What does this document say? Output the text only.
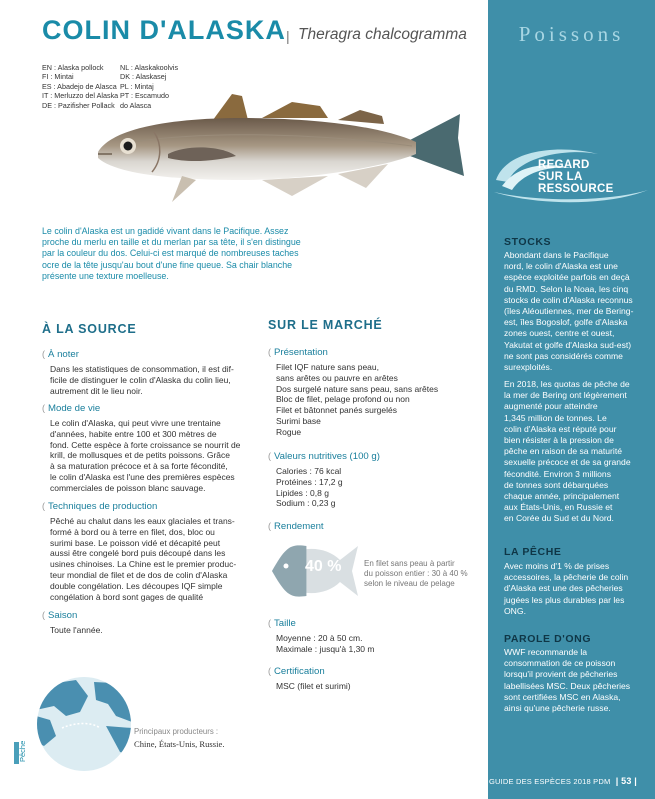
Poissons
REGARD
SUR LA RESSOURCE
STOCKS
Abondant dans le Pacifique
nord, le colin d'Alaska est une
espèce exploitée parfois en deçà
du RMD. Selon la Noaa, les cinq
stocks de colin d'Alaska reconnus
(îles Aléoutiennes, mer de Bering-
est, îles Bogoslof, golfe d'Alaska
zones ouest, centre et ouest,
Yakutat et golfe d'Alaska sud-est)
ne sont pas considérés comme
surexploités.
En 2018, les quotas de pêche de
la mer de Bering ont légèrement
augmenté pour atteindre
1,345 million de tonnes. Le
colin d'Alaska est réputé pour
bien résister à la pression de
pêche en raison de sa maturité
sexuelle précoce et de sa grande
fécondité. Environ 3 millions
de tonnes sont débarquées
chaque année, principalement
aux États-Unis, en Russie et
en Corée du Sud et du Nord.
LA PÊCHE
Avec moins d'1 % de prises
accessoires, la pêcherie de colin
d'Alaska est une des pêcheries
jugées les plus durables par les
ONG.
PAROLE D'ONG
WWF recommande la
consommation de ce poisson
lorsqu'il provient de pêcheries
labellisées MSC. Deux pêcheries
sont certifiées MSC en Alaska,
ainsi qu'une pêcherie russe.
GUIDE DES ESPÈCES 2018 PDM | 53 |
COLIN D'ALASKA | Theragra chalcogramma
EN : Alaska pollock
FI : Mintai
ES : Abadejo de Alasca
IT : Merluzzo del Alaska
DE : Pazifisher Pollack
NL : Alaskakoolvis
DK : Alaskasej
PL : Mintaj
PT : Escamudo
do Alasca
Le colin d'Alaska est un gadidé vivant dans le Pacifique. Assez
proche du merlu en taille et du merlan par sa tête, il s'en distingue
par la couleur du dos. Celui-ci est marqué de nombreuses taches
ocre de la tête jusqu'au bout d'une fine queue. Sa chair blanche
présente une texture moelleuse.
À LA SOURCE
( À noter
Dans les statistiques de consommation, il est dif-
ficile de distinguer le colin d'Alaska du colin lieu,
autrement dit le lieu noir.
( Mode de vie
Le colin d'Alaska, qui peut vivre une trentaine
d'années, habite entre 100 et 300 mètres de
fond. Cette espèce à forte croissance se nourrit de
krill, de mollusques et de petits poissons. Grâce
à sa maturation précoce et à sa forte fécondité,
le colin d'Alaska est l'une des premières espèces
commerciales de poisson blanc sauvage.
( Techniques de production
Pêché au chalut dans les eaux glaciales et trans-
formé à bord ou à terre en filet, dos, bloc ou
surimi base. Le poisson vidé et décapité peut
aussi être congelé bord puis découpé dans les
usines chinoises. La Chine est le premier produc-
teur mondial de filet et de dos de colin d'Alaska
double congélation. Les découpes IQF simple
congélation à bord sont gages de qualité
( Saison
Toute l'année.
Principaux producteurs :
Chine, États-Unis, Russie.
Pêche
SUR LE MARCHÉ
( Présentation
Filet IQF nature sans peau,
sans arêtes ou pauvre en arêtes
Dos surgelé nature sans peau, sans arêtes
Bloc de filet, pelage profond ou non
Filet et bâtonnet panés surgelés
Surimi base
Rogue
( Valeurs nutritives (100 g)
Calories : 76 kcal
Protéines : 17,2 g
Lipides : 0,8 g
Sodium : 0,23 g
( Rendement
40 %	En filet sans peau à partir
du poisson entier : 30 à 40 %
selon le niveau de pelage
( Taille
Moyenne : 20 à 50 cm.
Maximale : jusqu'à 1,30 m
( Certification
MSC (filet et surimi)
